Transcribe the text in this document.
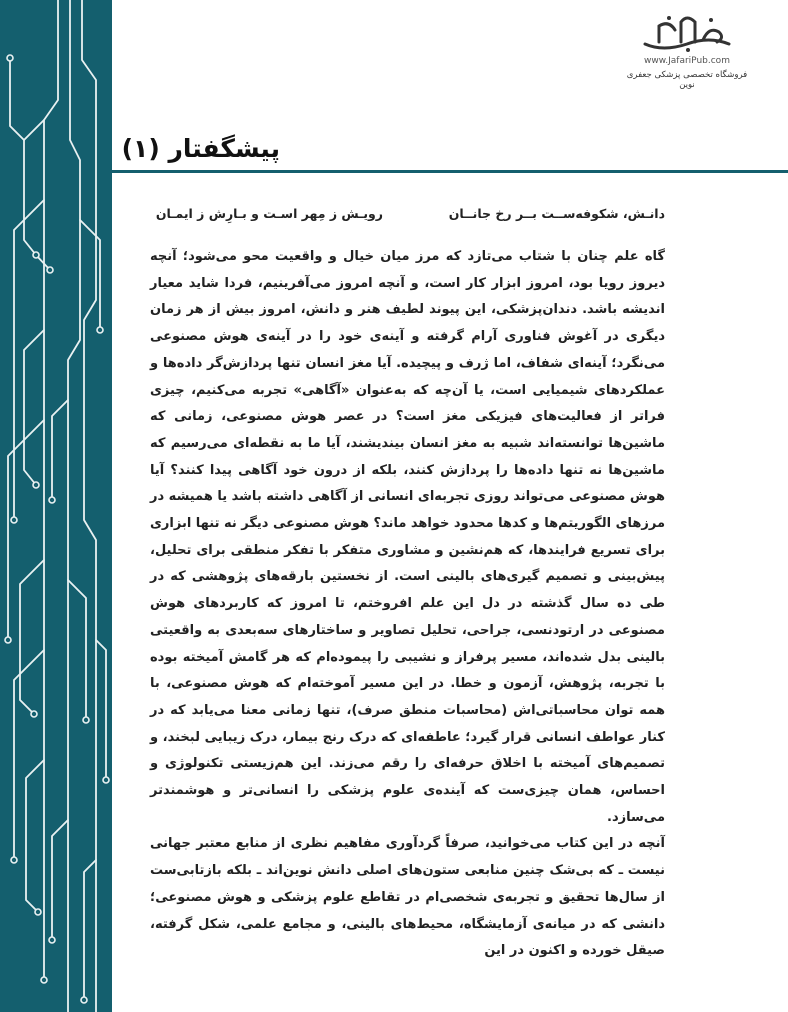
www.JafariPub.com
فروشگاه تخصصی پزشکی جعفری نوین
پیشگفتار (۱)
دانـش، شکوفه‌ســت بــر رخ جانــان
رویـش ز مِهر اسـت و بـارِش ز ایمـان

گاه علم چنان با شتاب می‌تازد که مرز میان خیال و واقعیت محو می‌شود؛ آنچه دیروز رویا بود، امروز ابزار کار است، و آنچه امروز می‌آفرینیم، فردا شاید معیار اندیشه باشد. دندان‌پزشکی، این پیوند لطیف هنر و دانش، امروز بیش از هر زمان دیگری در آغوش فناوری آرام گرفته و آینه‌ی خود را در آینه‌ی هوش مصنوعی می‌نگرد؛ آینه‌ای شفاف، اما ژرف و پیچیده. آیا مغز انسان تنها پردازش‌گر داده‌ها و عملکردهای شیمیایی است، یا آن‌چه که به‌عنوان «آگاهی» تجربه می‌کنیم، چیزی فراتر از فعالیت‌های فیزیکی مغز است؟ در عصر هوش مصنوعی، زمانی که ماشین‌ها توانسته‌اند شبیه به مغز انسان بیندیشند، آیا ما به نقطه‌ای می‌رسیم که ماشین‌ها نه تنها داده‌ها را پردازش کنند، بلکه از درون خود آگاهی پیدا کنند؟ آیا هوش مصنوعی می‌تواند روزی تجربه‌ای انسانی از آگاهی داشته باشد یا همیشه در مرزهای الگوریتم‌ها و کدها محدود خواهد ماند؟ هوش مصنوعی دیگر نه تنها ابزاری برای تسریع فرایندها، که هم‌نشین و مشاوری متفکر با تفکر منطقی برای تحلیل، پیش‌بینی و تصمیم گیری‌های بالینی است. از نخستین بارقه‌های پژوهشی که در طی ده سال گذشته در دل این علم افروختم، تا امروز که کاربردهای هوش مصنوعی در ارتودنسی، جراحی، تحلیل تصاویر و ساختارهای سه‌بعدی به واقعیتی بالینی بدل شده‌اند، مسیر پرفراز و نشیبی را پیموده‌ام که هر گامش آمیخته بوده با تجربه، پژوهش، آزمون و خطا. در این مسیر آموخته‌ام که هوش مصنوعی، با همه توان محاسباتی‌اش (محاسبات منطق صرف)، تنها زمانی معنا می‌یابد که در کنار عواطف انسانی قرار گیرد؛ عاطفه‌ای که درک رنج بیمار، درک زیبایی لبخند، و تصمیم‌های آمیخته با اخلاق حرفه‌ای را رقم می‌زند. این هم‌زیستی تکنولوژی و احساس، همان چیزی‌ست که آینده‌ی علوم پزشکی را انسانی‌تر و هوشمندتر می‌سازد.

آنچه در این کتاب می‌خوانید، صرفاً گردآوری مفاهیم نظری از منابع معتبر جهانی نیست ـ که بی‌شک چنین منابعی ستون‌های اصلی دانش نوین‌اند ـ بلکه بازتابی‌ست از سال‌ها تحقیق و تجربه‌ی شخصی‌ام در تقاطع علوم پزشکی و هوش مصنوعی؛ دانشی که در میانه‌ی آزمایشگاه، محیط‌های بالینی، و مجامع علمی، شکل گرفته، صیقل خورده و اکنون در این
